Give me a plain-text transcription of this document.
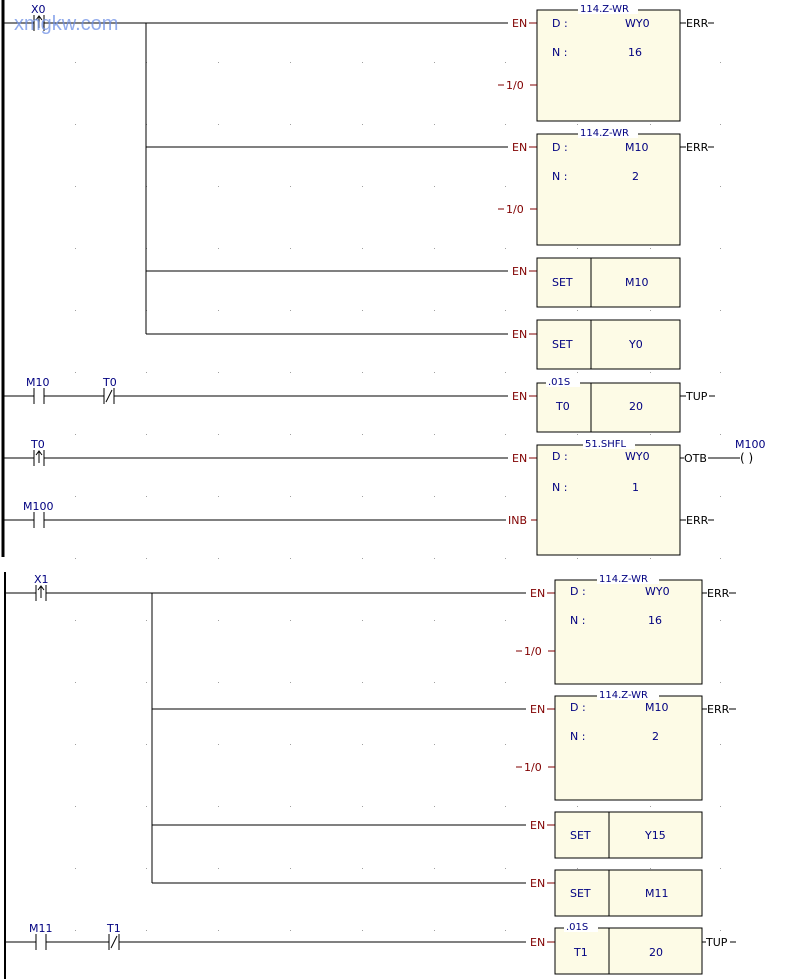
X0
EN
EN
EN
EN
114.Z-WR
D :	WY0
N :	16
1/0
ERR
114.Z-WR
D :	M10
N :	2
1/0
ERR
SET	M10
SET	Y0
M10	T0
EN
.01S
T0	20
TUP
T0
M100
EN
INB
51.SHFL
D :	WY0
N :	1
OTB
ERR
M100
( )
X1
EN
EN
EN
EN
114.Z-WR
D :	WY0
N :	16
1/0
ERR
114.Z-WR
D :	M10
N :	2
1/0
ERR
SET	Y15
SET	M11
M11	T1
EN
.01S
T1	20
TUP
xmgkw.com
